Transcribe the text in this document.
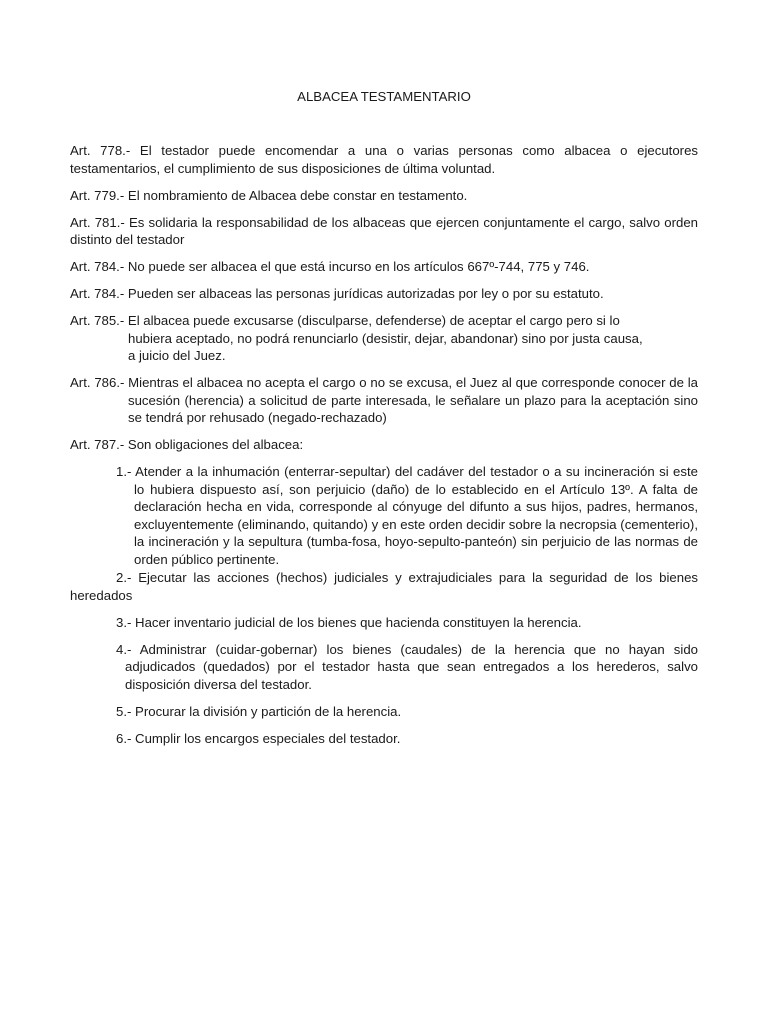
ALBACEA TESTAMENTARIO

Art. 778.- El testador puede encomendar a una o varias personas como albacea o ejecutores testamentarios, el cumplimiento de sus disposiciones de última voluntad.

Art. 779.- El nombramiento de Albacea debe constar en testamento.

Art. 781.- Es solidaria la responsabilidad de los albaceas que ejercen conjuntamente el cargo, salvo orden distinto del testador

Art. 784.- No puede ser albacea el que está incurso en los artículos 667º-744, 775 y 746.

Art. 784.- Pueden ser albaceas las personas jurídicas autorizadas por ley o por su estatuto.

Art. 785.- El albacea puede excusarse (disculparse, defenderse) de aceptar el cargo pero si lo hubiera aceptado, no podrá renunciarlo (desistir, dejar, abandonar) sino por justa causa, a juicio del Juez.

Art. 786.- Mientras el albacea no acepta el cargo o no se excusa, el Juez al que corresponde conocer de la sucesión (herencia) a solicitud de parte interesada, le señalare un plazo para la aceptación sino se tendrá por rehusado (negado-rechazado)

Art. 787.- Son obligaciones del albacea:

1.- Atender a la inhumación (enterrar-sepultar) del cadáver del testador o a su incineración si este lo hubiera dispuesto así, son perjuicio (daño) de lo establecido en el Artículo 13º. A falta de declaración hecha en vida, corresponde al cónyuge del difunto a sus hijos, padres, hermanos, excluyentemente (eliminando, quitando) y en este orden decidir sobre la necropsia (cementerio), la incineración y la sepultura (tumba-fosa, hoyo-sepulto-panteón) sin perjuicio de las normas de orden público pertinente.

2.- Ejecutar las acciones (hechos) judiciales y extrajudiciales para la seguridad de los bienes heredados

3.- Hacer inventario judicial de los bienes que hacienda constituyen la herencia.

4.- Administrar (cuidar-gobernar) los bienes (caudales) de la herencia que no hayan sido adjudicados (quedados) por el testador hasta que sean entregados a los herederos, salvo disposición diversa del testador.

5.- Procurar la división y partición de la herencia.

6.- Cumplir los encargos especiales del testador.
